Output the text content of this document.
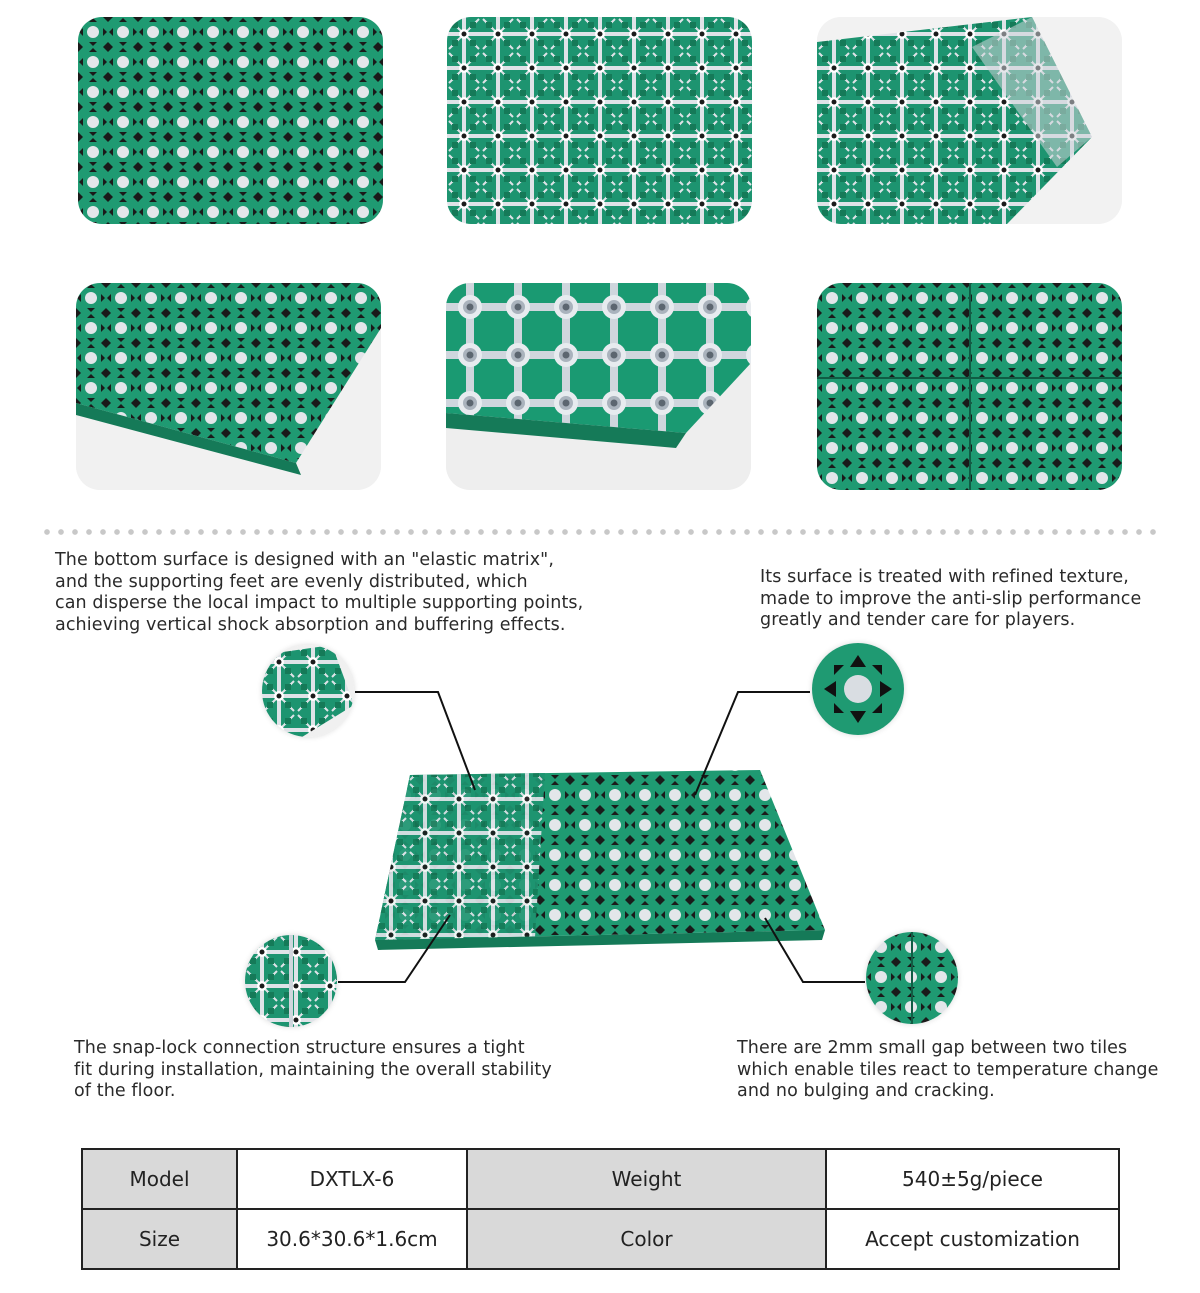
The bottom surface is designed with an "elastic matrix",
and the supporting feet are evenly distributed, which
can disperse the local impact to multiple supporting points,
achieving vertical shock absorption and buffering effects.

Its surface is treated with refined texture,
made to improve the anti-slip performance
greatly and tender care for players.

The snap-lock connection structure ensures a tight
fit during installation, maintaining the overall stability
of the floor.

There are 2mm small gap between two tiles
which enable tiles react to temperature change
and no bulging and cracking.

Model	DXTLX-6	Weight	540±5g/piece
Size	30.6*30.6*1.6cm	Color	Accept customization
